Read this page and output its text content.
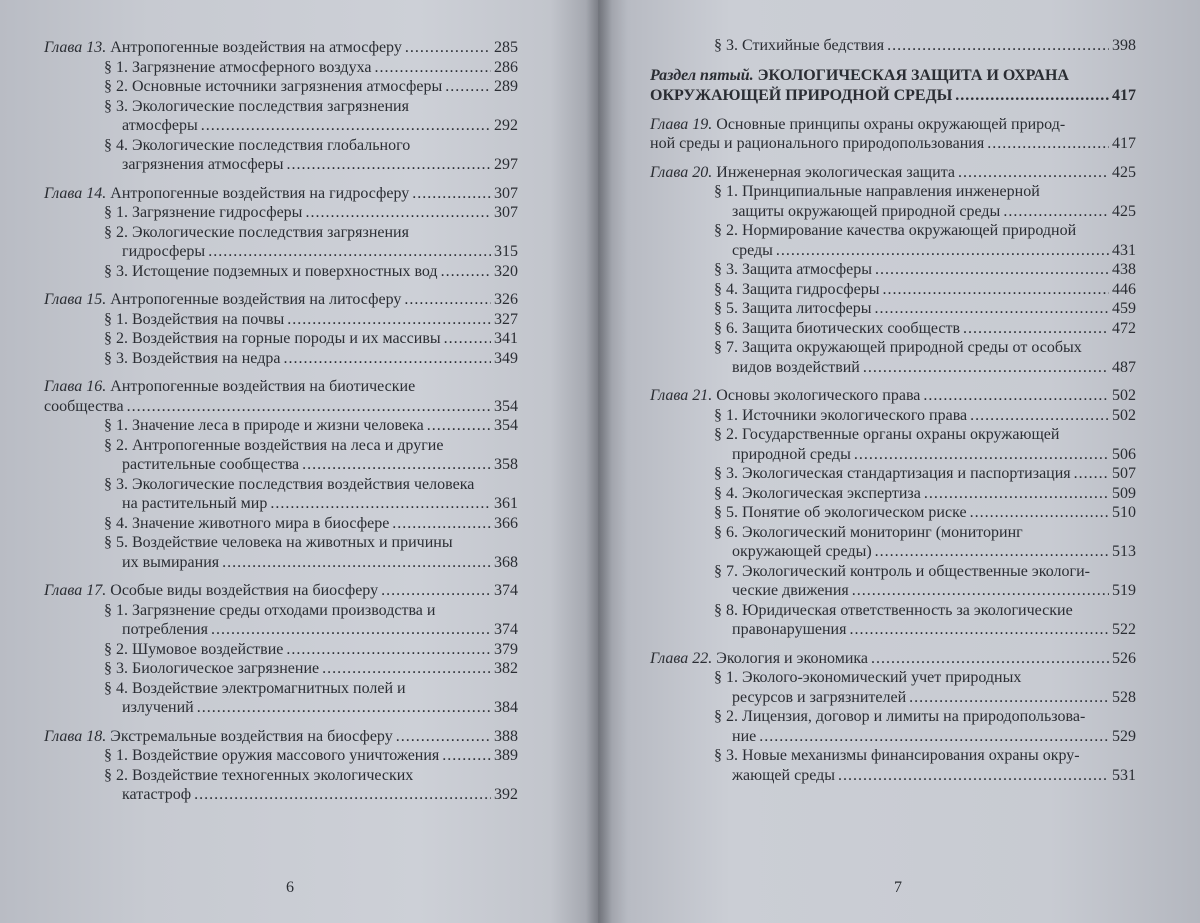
Глава 13. Антропогенные воздействия на атмосферу .....	285
§ 1. Загрязнение атмосферного воздуха .....	286
§ 2. Основные источники загрязнения атмосферы .....	289
§ 3. Экологические последствия загрязнения
атмосферы .....	292
§ 4. Экологические последствия глобального
загрязнения атмосферы .....	297
Глава 14. Антропогенные воздействия на гидросферу .....	307
§ 1. Загрязнение гидросферы .....	307
§ 2. Экологические последствия загрязнения
гидросферы .....	315
§ 3. Истощение подземных и поверхностных вод .....	320
Глава 15. Антропогенные воздействия на литосферу .....	326
§ 1. Воздействия на почвы .....	327
§ 2. Воздействия на горные породы и их массивы .....	341
§ 3. Воздействия на недра .....	349
Глава 16. Антропогенные воздействия на биотические
сообщества .....	354
§ 1. Значение леса в природе и жизни человека .....	354
§ 2. Антропогенные воздействия на леса и другие
растительные сообщества .....	358
§ 3. Экологические последствия воздействия человека
на растительный мир .....	361
§ 4. Значение животного мира в биосфере .....	366
§ 5. Воздействие человека на животных и причины
их вымирания .....	368
Глава 17. Особые виды воздействия на биосферу .....	374
§ 1. Загрязнение среды отходами производства и
потребления .....	374
§ 2. Шумовое воздействие .....	379
§ 3. Биологическое загрязнение .....	382
§ 4. Воздействие электромагнитных полей и
излучений .....	384
Глава 18. Экстремальные воздействия на биосферу .....	388
§ 1. Воздействие оружия массового уничтожения .....	389
§ 2. Воздействие техногенных экологических
катастроф .....	392
6
§ 3. Стихийные бедствия .....	398
Раздел пятый. ЭКОЛОГИЧЕСКАЯ ЗАЩИТА И ОХРАНА
ОКРУЖАЮЩЕЙ ПРИРОДНОЙ СРЕДЫ .....	417
Глава 19. Основные принципы охраны окружающей природ-
ной среды и рационального природопользования .....	417
Глава 20. Инженерная экологическая защита .....	425
§ 1. Принципиальные направления инженерной
защиты окружающей природной среды .....	425
§ 2. Нормирование качества окружающей природной
среды .....	431
§ 3. Защита атмосферы .....	438
§ 4. Защита гидросферы .....	446
§ 5. Защита литосферы .....	459
§ 6. Защита биотических сообществ .....	472
§ 7. Защита окружающей природной среды от особых
видов воздействий .....	487
Глава 21. Основы экологического права .....	502
§ 1. Источники экологического права .....	502
§ 2. Государственные органы охраны окружающей
природной среды .....	506
§ 3. Экологическая стандартизация и паспортизация .....	507
§ 4. Экологическая экспертиза .....	509
§ 5. Понятие об экологическом риске .....	510
§ 6. Экологический мониторинг (мониторинг
окружающей среды) .....	513
§ 7. Экологический контроль и общественные экологи-
ческие движения .....	519
§ 8. Юридическая ответственность за экологические
правонарушения .....	522
Глава 22. Экология и экономика .....	526
§ 1. Эколого-экономический учет природных
ресурсов и загрязнителей .....	528
§ 2. Лицензия, договор и лимиты на природопользова-
ние .....	529
§ 3. Новые механизмы финансирования охраны окру-
жающей среды .....	531
7
